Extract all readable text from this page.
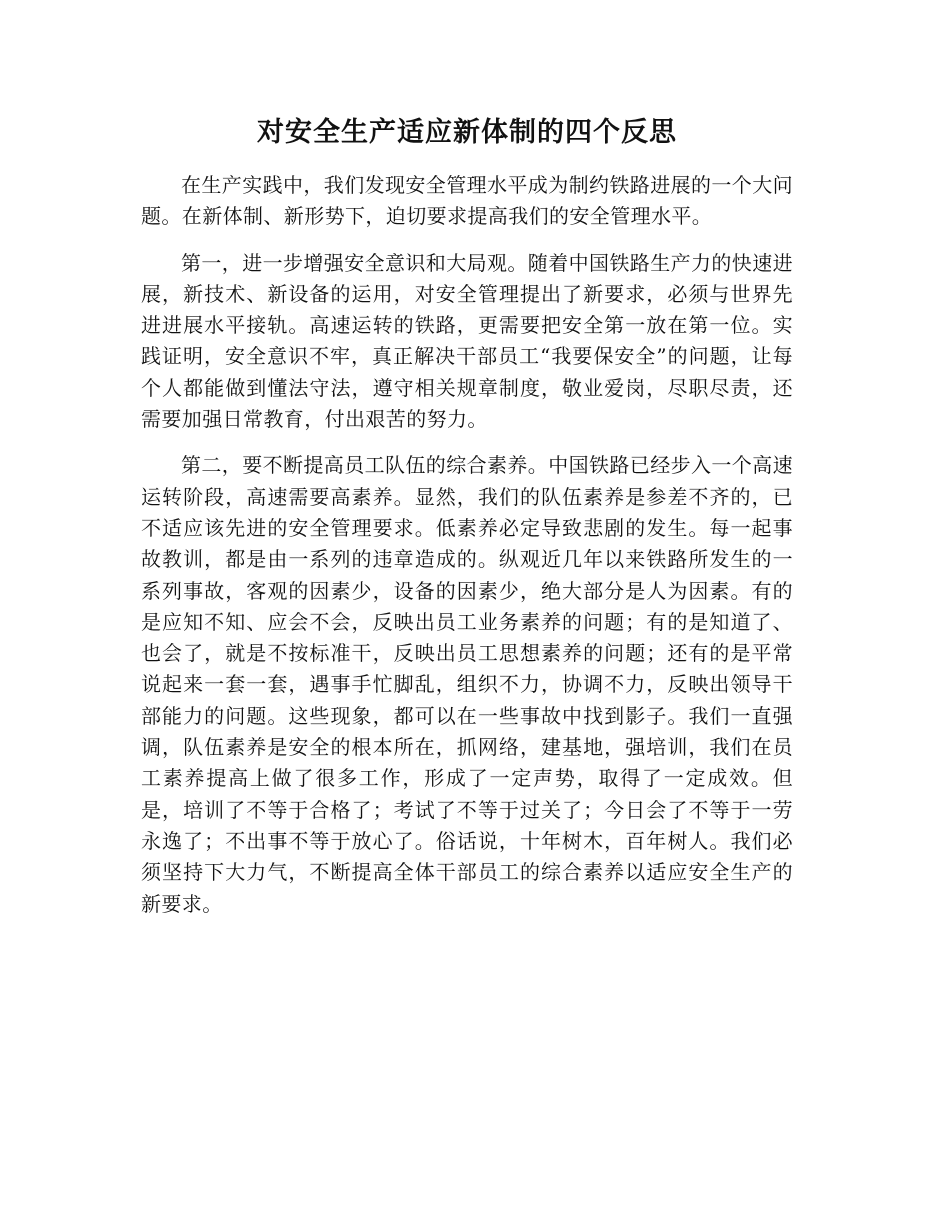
对安全生产适应新体制的四个反思

在生产实践中，我们发现安全管理水平成为制约铁路进展的一个大问题。在新体制、新形势下，迫切要求提高我们的安全管理水平。

第一，进一步增强安全意识和大局观。随着中国铁路生产力的快速进展，新技术、新设备的运用，对安全管理提出了新要求，必须与世界先进进展水平接轨。高速运转的铁路，更需要把安全第一放在第一位。实践证明，安全意识不牢，真正解决干部员工“我要保安全”的问题，让每个人都能做到懂法守法，遵守相关规章制度，敬业爱岗，尽职尽责，还需要加强日常教育，付出艰苦的努力。

第二，要不断提高员工队伍的综合素养。中国铁路已经步入一个高速运转阶段，高速需要高素养。显然，我们的队伍素养是参差不齐的，已不适应该先进的安全管理要求。低素养必定导致悲剧的发生。每一起事故教训，都是由一系列的违章造成的。纵观近几年以来铁路所发生的一系列事故，客观的因素少，设备的因素少，绝大部分是人为因素。有的是应知不知、应会不会，反映出员工业务素养的问题；有的是知道了、也会了，就是不按标准干，反映出员工思想素养的问题；还有的是平常说起来一套一套，遇事手忙脚乱，组织不力，协调不力，反映出领导干部能力的问题。这些现象，都可以在一些事故中找到影子。我们一直强调，队伍素养是安全的根本所在，抓网络，建基地，强培训，我们在员工素养提高上做了很多工作，形成了一定声势，取得了一定成效。但是，培训了不等于合格了；考试了不等于过关了；今日会了不等于一劳永逸了；不出事不等于放心了。俗话说，十年树木，百年树人。我们必须坚持下大力气，不断提高全体干部员工的综合素养以适应安全生产的新要求。
